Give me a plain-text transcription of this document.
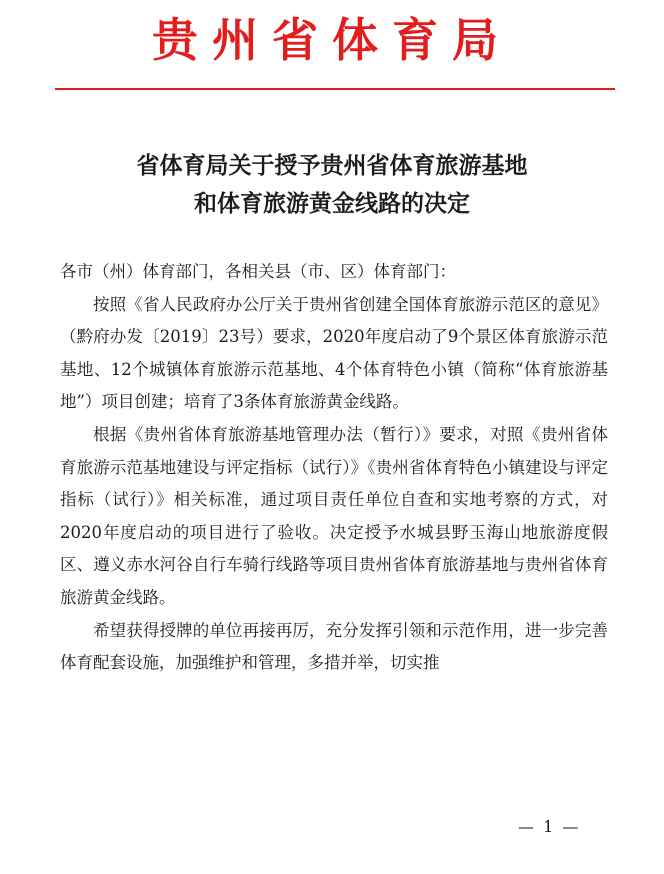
贵州省体育局
省体育局关于授予贵州省体育旅游基地
和体育旅游黄金线路的决定

各市（州）体育部门，各相关县（市、区）体育部门：

按照《省人民政府办公厅关于贵州省创建全国体育旅游示范区的意见》（黔府办发〔2019〕23号）要求，2020年度启动了9个景区体育旅游示范基地、12个城镇体育旅游示范基地、4个体育特色小镇（简称“体育旅游基地”）项目创建；培育了3条体育旅游黄金线路。

根据《贵州省体育旅游基地管理办法（暂行）》要求，对照《贵州省体育旅游示范基地建设与评定指标（试行）》《贵州省体育特色小镇建设与评定指标（试行）》相关标准，通过项目责任单位自查和实地考察的方式，对2020年度启动的项目进行了验收。决定授予水城县野玉海山地旅游度假区、遵义赤水河谷自行车骑行线路等项目贵州省体育旅游基地与贵州省体育旅游黄金线路。

希望获得授牌的单位再接再厉，充分发挥引领和示范作用，进一步完善体育配套设施，加强维护和管理，多措并举，切实推

— 1 —
